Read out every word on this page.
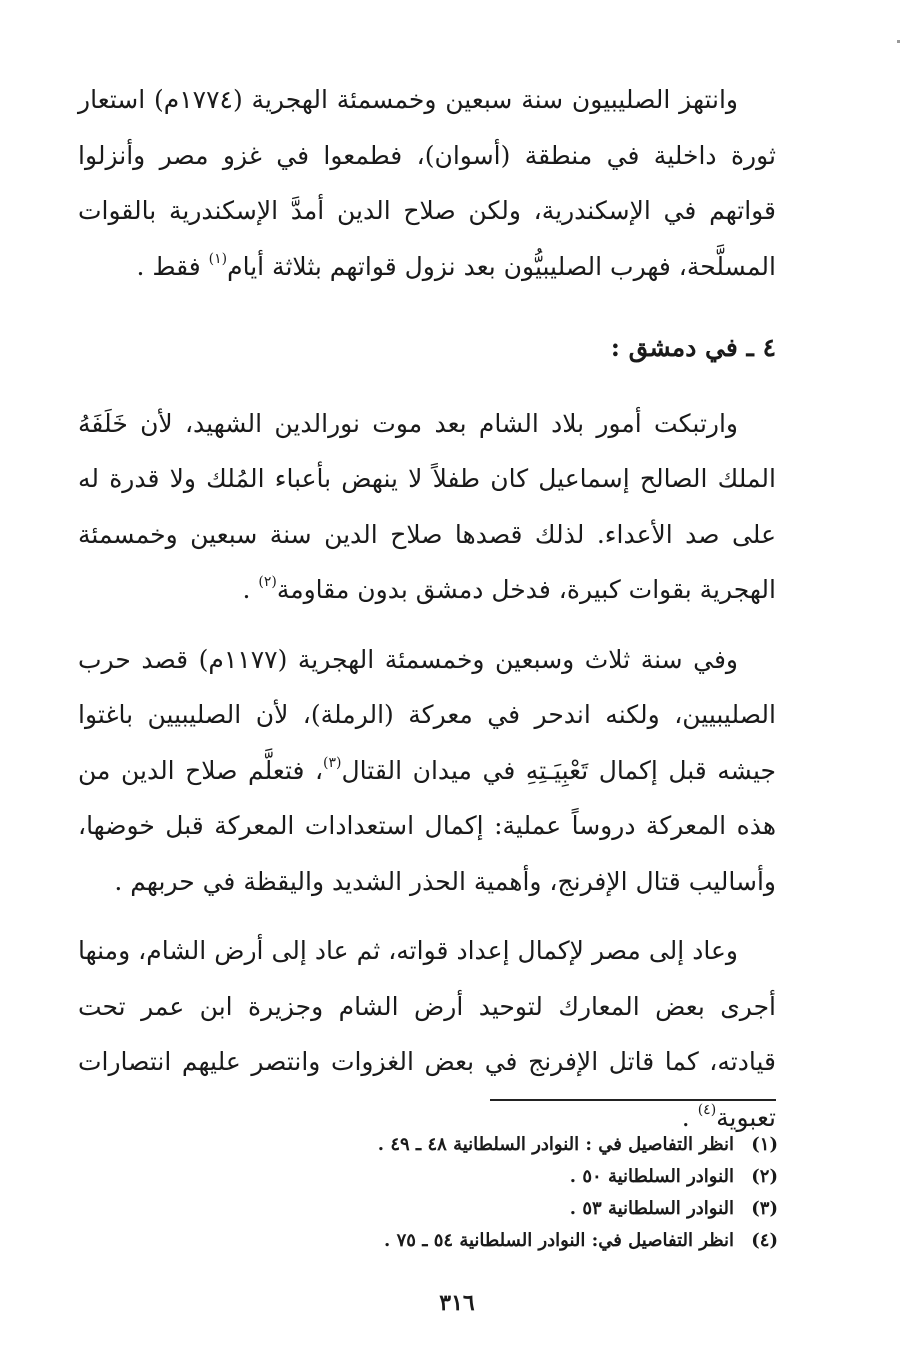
وانتهز الصليبيون سنة سبعين وخمسمئة الهجرية (١٧٧٤م) استعار ثورة داخلية في منطقة (أسوان)، فطمعوا في غزو مصر وأنزلوا قواتهم في الإسكندرية، ولكن صلاح الدين أمدَّ الإسكندرية بالقوات المسلَّحة، فهرب الصليبيُّون بعد نزول قواتهم بثلاثة أيام$^{(١)}$ فقط .

٤ ـ في دمشق :

وارتبكت أمور بلاد الشام بعد موت نورالدين الشهيد، لأن خَلَفَهُ الملك الصالح إسماعيل كان طفلاً لا ينهض بأعباء المُلك ولا قدرة له على صد الأعداء. لذلك قصدها صلاح الدين سنة سبعين وخمسمئة الهجرية بقوات كبيرة، فدخل دمشق بدون مقاومة$^{(٢)}$ .

وفي سنة ثلاث وسبعين وخمسمئة الهجرية (١١٧٧م) قصد حرب الصليبيين، ولكنه اندحر في معركة (الرملة)، لأن الصليبيين باغتوا جيشه قبل إكمال تَعْبِيَـتِهِ في ميدان القتال$^{(٣)}$، فتعلَّم صلاح الدين من هذه المعركة دروساً عملية: إكمال استعدادات المعركة قبل خوضها، وأساليب قتال الإفرنج، وأهمية الحذر الشديد واليقظة في حربهم .

وعاد إلى مصر لإكمال إعداد قواته، ثم عاد إلى أرض الشام، ومنها أجرى بعض المعارك لتوحيد أرض الشام وجزيرة ابن عمر تحت قيادته، كما قاتل الإفرنج في بعض الغزوات وانتصر عليهم انتصارات تعبوية$^{(٤)}$ .

(١)
انظر التفاصيل في : النوادر السلطانية ٤٨ ـ ٤٩ .
(٢)
النوادر السلطانية ٥٠ .
(٣)
النوادر السلطانية ٥٣ .
(٤)
انظر التفاصيل في: النوادر السلطانية ٥٤ ـ ٧٥ .
٣١٦
